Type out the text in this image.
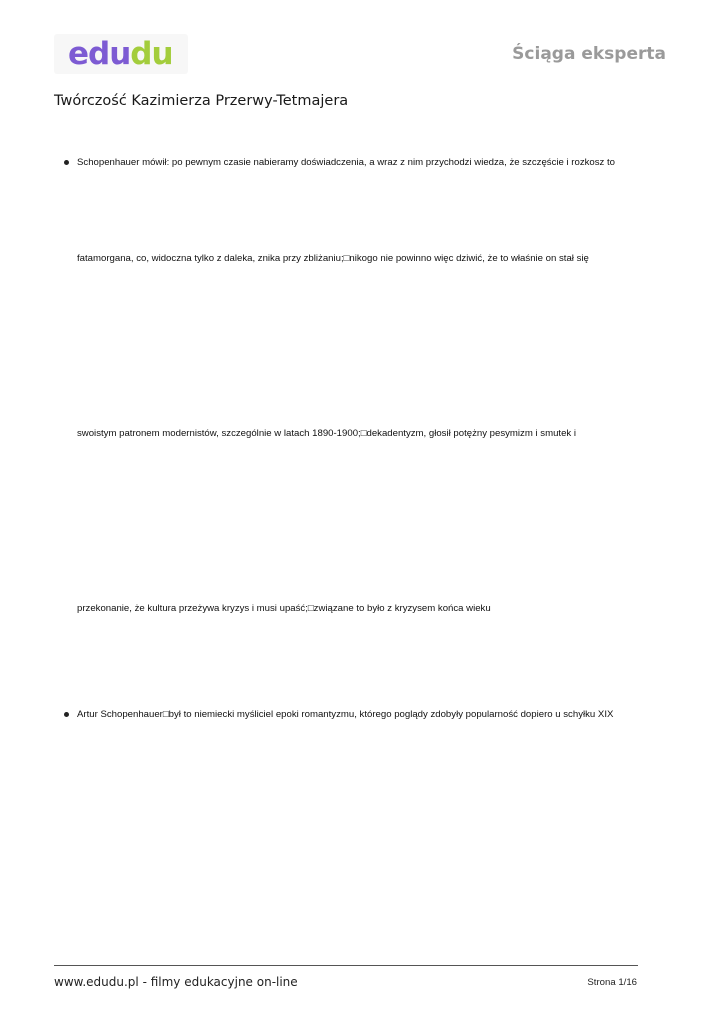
edudu	Ściąga eksperta
Twórczość Kazimierza Przerwy-Tetmajera
Schopenhauer mówił: po pewnym czasie nabieramy doświadczenia, a wraz z nim przychodzi wiedza, że szczęście i rozkosz to
fatamorgana, co, widoczna tylko z daleka, znika przy zbliżaniu;□nikogo nie powinno więc dziwić, że to właśnie on stał się
swoistym patronem modernistów, szczególnie w latach 1890-1900;□dekadentyzm, głosił potężny pesymizm i smutek i
przekonanie, że kultura przeżywa kryzys i musi upaść;□związane to było z kryzysem końca wieku
Artur Schopenhauer□był to niemiecki myśliciel epoki romantyzmu, którego poglądy zdobyły popularność dopiero u schyłku XIX
www.edudu.pl - filmy edukacyjne on-line	Strona 1/16
